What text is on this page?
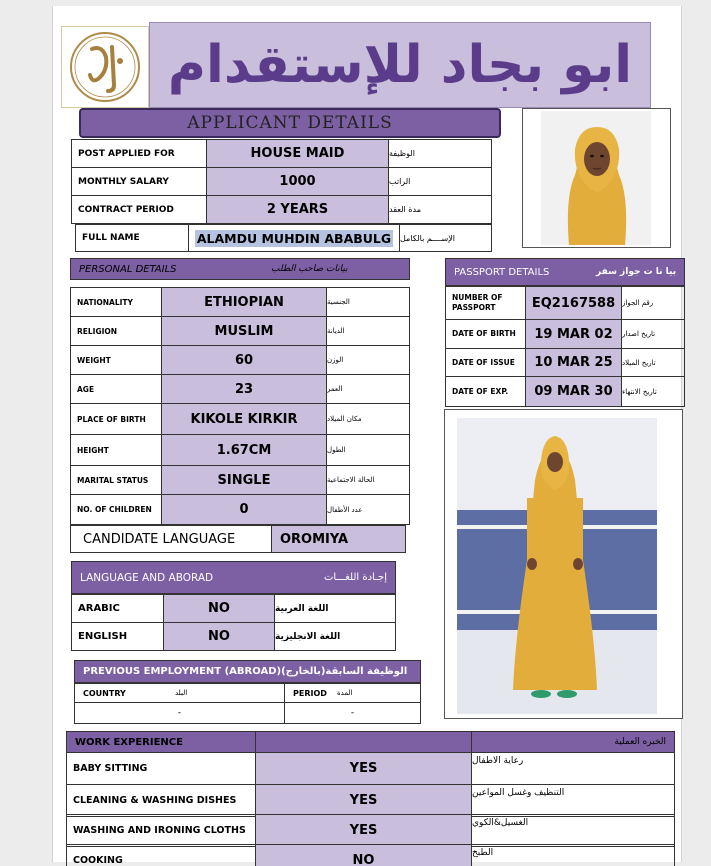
ابو بجاد للإستقدام
APPLICANT DETAILS
POST APPLIED FOR	HOUSE MAID	الوظيفة
MONTHLY SALARY	1000	الراتب
CONTRACT PERIOD	2 YEARS	مدة العقد
FULL NAME	ALAMDU MUHDIN ABABULG الإســــم بالكامل
PERSONAL DETAILS	بيانات صاحب الطلب
NATIONALITY	ETHIOPIAN	الجنسية
RELIGION	MUSLIM	الديانة
WEIGHT	60	الوزن
AGE	23	العمر
PLACE OF BIRTH	KIKOLE KIRKIR	مكان الميلاد
HEIGHT	1.67CM	الطول
MARITAL STATUS	SINGLE	الحالة الاجتماعية
NO. OF CHILDREN	0	عدد الأطفال
PASSPORT DETAILS	بيا نا ت جواز سفر
NUMBER OF PASSPORT	EQ2167588 رقم الجواز
DATE OF BIRTH	19 MAR 02	تاريخ اصدار
DATE OF ISSUE	10 MAR 25	تاريخ الميلاد
DATE OF EXP.	09 MAR 30	تاريخ الانتهاء
CANDIDATE LANGUAGE	OROMIYA
LANGUAGE AND ABORAD	إجـادة اللغـــات
ARABIC	NO	اللغة العربية
ENGLISH	NO	اللغة الانجليزية
PREVIOUS EMPLOYMENT (ABROAD)(بالخارج)الوظيفة السابقة
COUNTRY	البلد	PERIOD المدة
-	-
WORK EXPERIENCE	الخبره العملية
BABY SITTING	YES	رعاية الاطفال
CLEANING & WASHING DISHES	YES	التنظيف وغسل المواعين
WASHING AND IRONING CLOTHS	YES	الغسيل&الكوي
COOKING	NO	الطبخ
